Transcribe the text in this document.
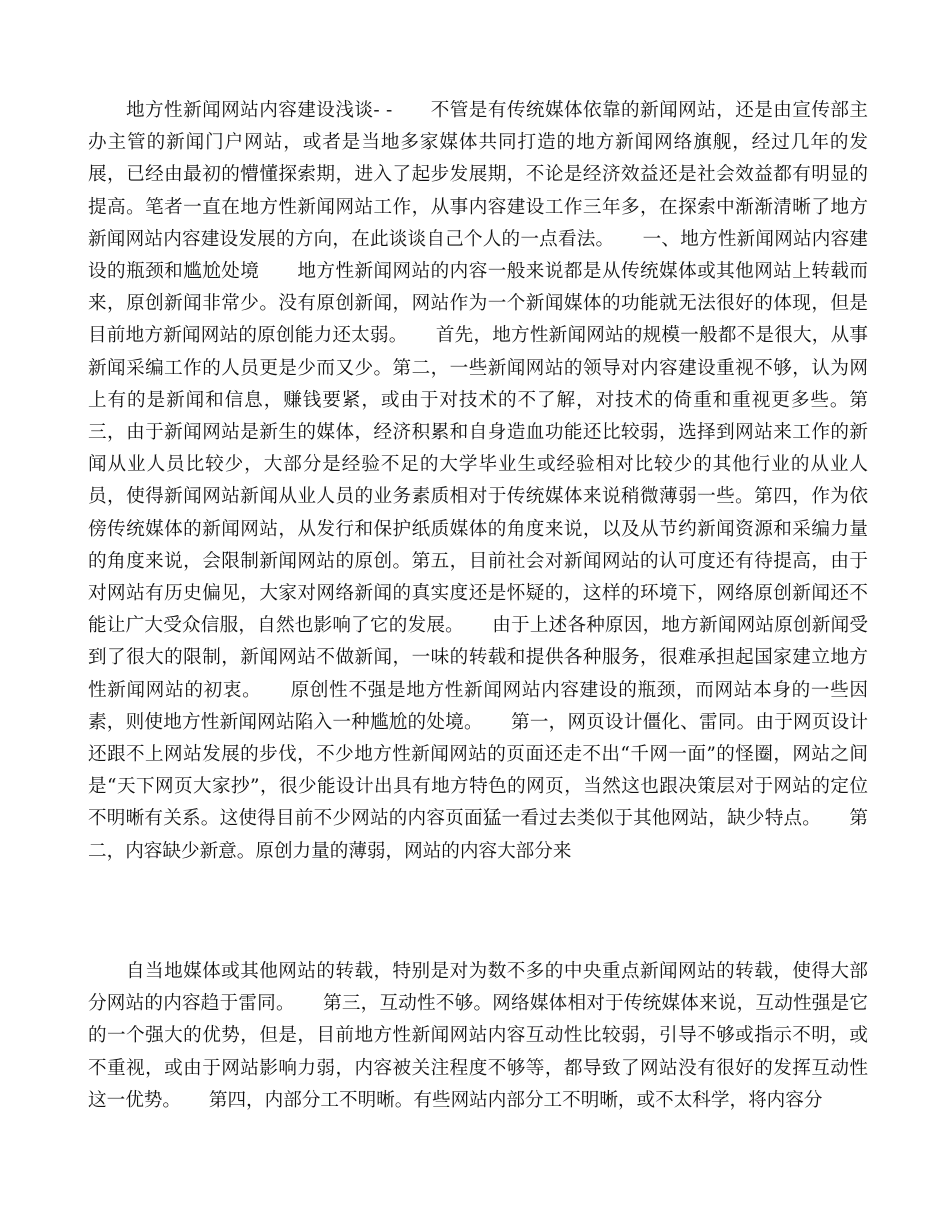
地方性新闻网站内容建设浅谈- -　　不管是有传统媒体依靠的新闻网站，还是由宣传部主办主管的新闻门户网站，或者是当地多家媒体共同打造的地方新闻网络旗舰，经过几年的发展，已经由最初的懵懂探索期，进入了起步发展期，不论是经济效益还是社会效益都有明显的提高。笔者一直在地方性新闻网站工作，从事内容建设工作三年多，在探索中渐渐清晰了地方新闻网站内容建设发展的方向，在此谈谈自己个人的一点看法。　　一、地方性新闻网站内容建设的瓶颈和尴尬处境　　地方性新闻网站的内容一般来说都是从传统媒体或其他网站上转载而来，原创新闻非常少。没有原创新闻，网站作为一个新闻媒体的功能就无法很好的体现，但是目前地方新闻网站的原创能力还太弱。　　首先，地方性新闻网站的规模一般都不是很大，从事新闻采编工作的人员更是少而又少。第二，一些新闻网站的领导对内容建设重视不够，认为网上有的是新闻和信息，赚钱要紧，或由于对技术的不了解，对技术的倚重和重视更多些。第三，由于新闻网站是新生的媒体，经济积累和自身造血功能还比较弱，选择到网站来工作的新闻从业人员比较少，大部分是经验不足的大学毕业生或经验相对比较少的其他行业的从业人员，使得新闻网站新闻从业人员的业务素质相对于传统媒体来说稍微薄弱一些。第四，作为依傍传统媒体的新闻网站，从发行和保护纸质媒体的角度来说，以及从节约新闻资源和采编力量的角度来说，会限制新闻网站的原创。第五，目前社会对新闻网站的认可度还有待提高，由于对网站有历史偏见，大家对网络新闻的真实度还是怀疑的，这样的环境下，网络原创新闻还不能让广大受众信服，自然也影响了它的发展。　　由于上述各种原因，地方新闻网站原创新闻受到了很大的限制，新闻网站不做新闻，一味的转载和提供各种服务，很难承担起国家建立地方性新闻网站的初衷。　　原创性不强是地方性新闻网站内容建设的瓶颈，而网站本身的一些因素，则使地方性新闻网站陷入一种尴尬的处境。　　第一，网页设计僵化、雷同。由于网页设计还跟不上网站发展的步伐，不少地方性新闻网站的页面还走不出“千网一面”的怪圈，网站之间是“天下网页大家抄”，很少能设计出具有地方特色的网页，当然这也跟决策层对于网站的定位不明晰有关系。这使得目前不少网站的内容页面猛一看过去类似于其他网站，缺少特点。　　第二，内容缺少新意。原创力量的薄弱，网站的内容大部分来

自当地媒体或其他网站的转载，特别是对为数不多的中央重点新闻网站的转载，使得大部分网站的内容趋于雷同。　　第三，互动性不够。网络媒体相对于传统媒体来说，互动性强是它的一个强大的优势，但是，目前地方性新闻网站内容互动性比较弱，引导不够或指示不明，或不重视，或由于网站影响力弱，内容被关注程度不够等，都导致了网站没有很好的发挥互动性这一优势。　　第四，内部分工不明晰。有些网站内部分工不明晰，或不太科学，将内容分
